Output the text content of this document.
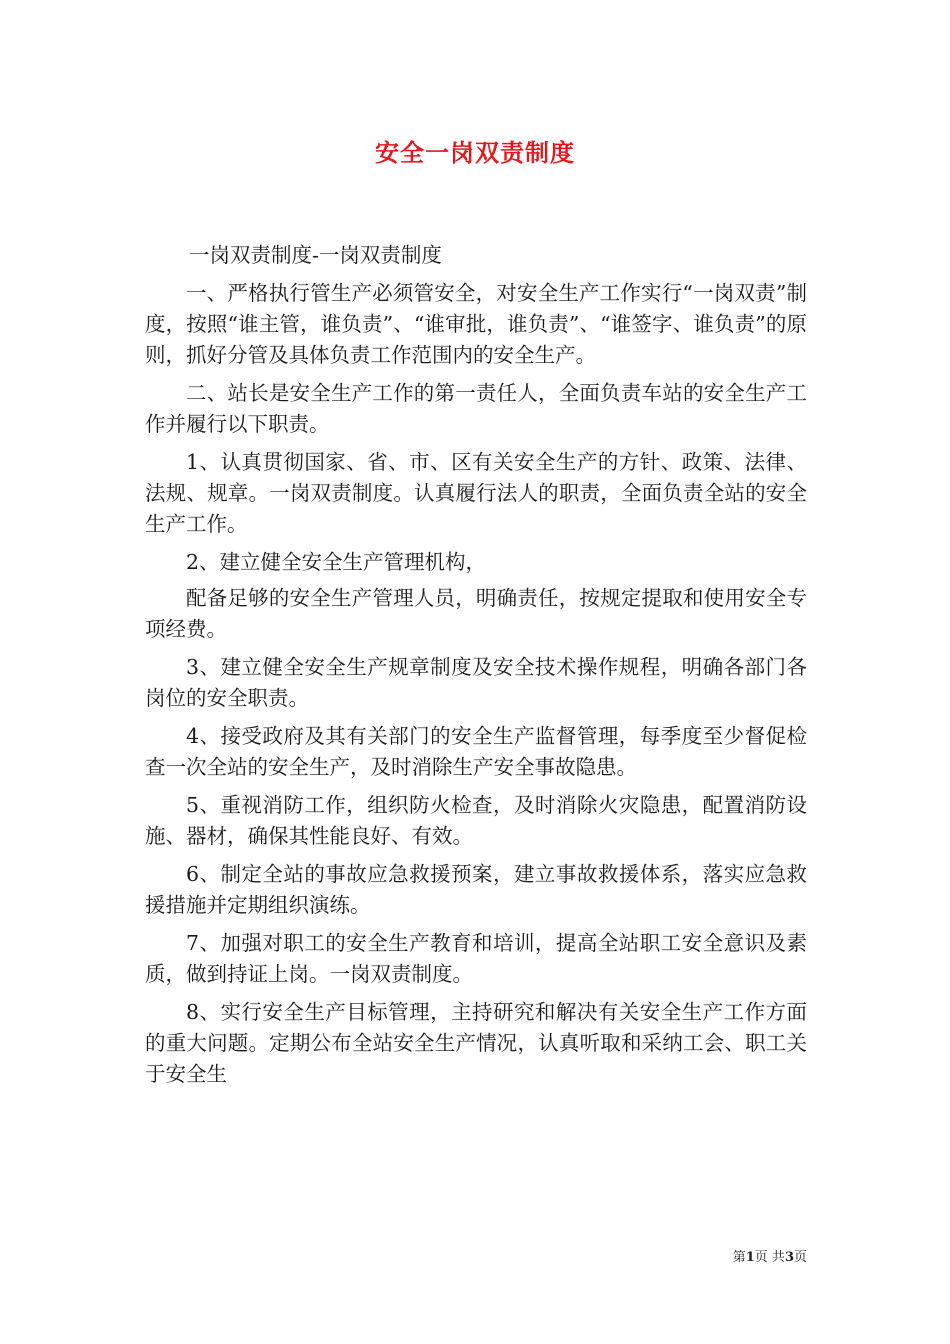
安全一岗双责制度

一岗双责制度-一岗双责制度

一、严格执行管生产必须管安全，对安全生产工作实行“一岗双责”制度，按照“谁主管，谁负责”、“谁审批，谁负责”、“谁签字、谁负责”的原则，抓好分管及具体负责工作范围内的安全生产。

二、站长是安全生产工作的第一责任人，全面负责车站的安全生产工作并履行以下职责。

1、认真贯彻国家、省、市、区有关安全生产的方针、政策、法律、法规、规章。一岗双责制度。认真履行法人的职责，全面负责全站的安全生产工作。

2、建立健全安全生产管理机构，

配备足够的安全生产管理人员，明确责任，按规定提取和使用安全专项经费。

3、建立健全安全生产规章制度及安全技术操作规程，明确各部门各岗位的安全职责。

4、接受政府及其有关部门的安全生产监督管理，每季度至少督促检查一次全站的安全生产，及时消除生产安全事故隐患。

5、重视消防工作，组织防火检查，及时消除火灾隐患，配置消防设施、器材，确保其性能良好、有效。

6、制定全站的事故应急救援预案，建立事故救援体系，落实应急救援措施并定期组织演练。

7、加强对职工的安全生产教育和培训，提高全站职工安全意识及素质，做到持证上岗。一岗双责制度。

8、实行安全生产目标管理，主持研究和解决有关安全生产工作方面的重大问题。定期公布全站安全生产情况，认真听取和采纳工会、职工关于安全生

第1页 共3页
